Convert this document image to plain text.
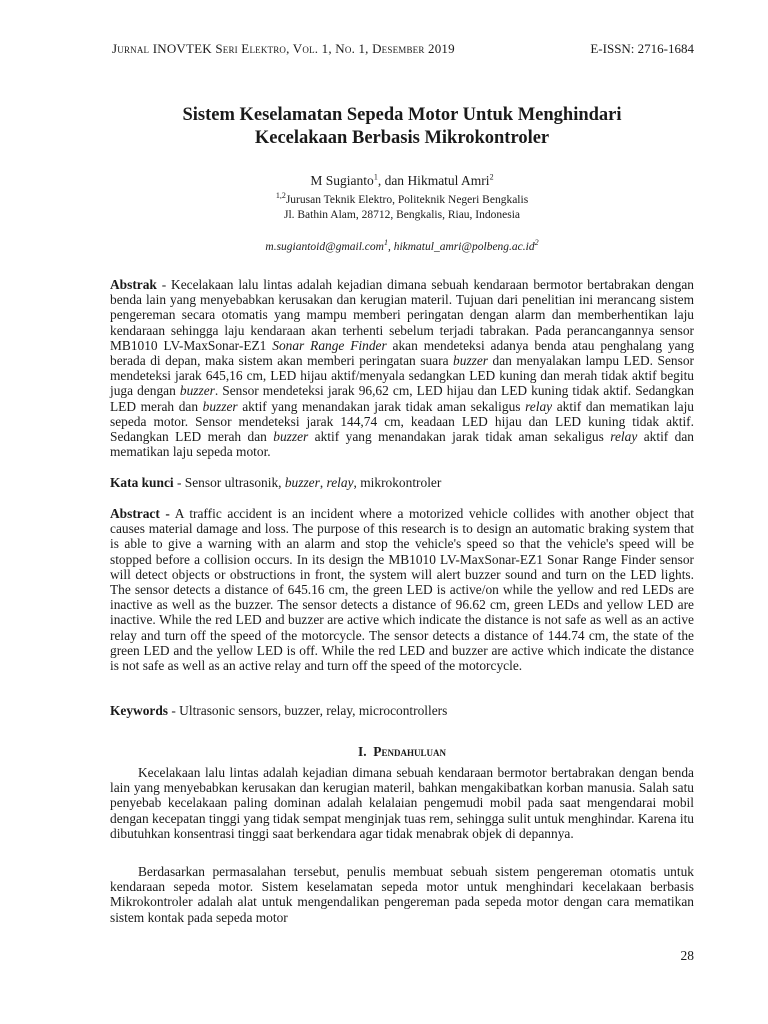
Jurnal INOVTEK Seri Elektro, Vol. 1, No. 1, Desember 2019	E-ISSN: 2716-1684
Sistem Keselamatan Sepeda Motor Untuk Menghindari
Kecelakaan Berbasis Mikrokontroler
M Sugianto$^1$, dan Hikmatul Amri$^2$
$^{1,2}$Jurusan Teknik Elektro, Politeknik Negeri Bengkalis
Jl. Bathin Alam, 28712, Bengkalis, Riau, Indonesia
m.sugiantoid@gmail.com$^1$, $hikmatul\_amri@polbeng.ac.id^2$
Abstrak - Kecelakaan lalu lintas adalah kejadian dimana sebuah kendaraan bermotor bertabrakan dengan benda lain yang menyebabkan kerusakan dan kerugian materil. Tujuan dari penelitian ini merancang sistem pengereman secara otomatis yang mampu memberi peringatan dengan alarm dan memberhentikan laju kendaraan sehingga laju kendaraan akan terhenti sebelum terjadi tabrakan. Pada perancangannya sensor MB1010 LV-MaxSonar-EZ1 Sonar Range Finder akan mendeteksi adanya benda atau penghalang yang berada di depan, maka sistem akan memberi peringatan suara buzzer dan menyalakan lampu LED. Sensor mendeteksi jarak 645,16 cm, LED hijau aktif/menyala sedangkan LED kuning dan merah tidak aktif begitu juga dengan buzzer. Sensor mendeteksi jarak 96,62 cm, LED hijau dan LED kuning tidak aktif. Sedangkan LED merah dan buzzer aktif yang menandakan jarak tidak aman sekaligus relay aktif dan mematikan laju sepeda motor. Sensor mendeteksi jarak 144,74 cm, keadaan LED hijau dan LED kuning tidak aktif. Sedangkan LED merah dan buzzer aktif yang menandakan jarak tidak aman sekaligus relay aktif dan mematikan laju sepeda motor.
Kata kunci - Sensor ultrasonik, buzzer, relay, mikrokontroler
Abstract - A traffic accident is an incident where a motorized vehicle collides with another object that causes material damage and loss. The purpose of this research is to design an automatic braking system that is able to give a warning with an alarm and stop the vehicle's speed so that the vehicle's speed will be stopped before a collision occurs. In its design the MB1010 LV-MaxSonar-EZ1 Sonar Range Finder sensor will detect objects or obstructions in front, the system will alert buzzer sound and turn on the LED lights. The sensor detects a distance of 645.16 cm, the green LED is active/on while the yellow and red LEDs are inactive as well as the buzzer. The sensor detects a distance of 96.62 cm, green LEDs and yellow LED are inactive. While the red LED and buzzer are active which indicate the distance is not safe as well as an active relay and turn off the speed of the motorcycle. The sensor detects a distance of 144.74 cm, the state of the green LED and the yellow LED is off. While the red LED and buzzer are active which indicate the distance is not safe as well as an active relay and turn off the speed of the motorcycle.
Keywords - Ultrasonic sensors, buzzer, relay, microcontrollers
I. Pendahuluan
Kecelakaan lalu lintas adalah kejadian dimana sebuah kendaraan bermotor bertabrakan dengan benda lain yang menyebabkan kerusakan dan kerugian materil, bahkan mengakibatkan korban manusia. Salah satu penyebab kecelakaan paling dominan adalah kelalaian pengemudi mobil pada saat mengendarai mobil dengan kecepatan tinggi yang tidak sempat menginjak tuas rem, sehingga sulit untuk menghindar. Karena itu dibutuhkan konsentrasi tinggi saat berkendara agar tidak menabrak objek di depannya.
Berdasarkan permasalahan tersebut, penulis membuat sebuah sistem pengereman otomatis untuk kendaraan sepeda motor. Sistem keselamatan sepeda motor untuk menghindari kecelakaan berbasis Mikrokontroler adalah alat untuk mengendalikan pengereman pada sepeda motor dengan cara mematikan sistem kontak pada sepeda motor
28
